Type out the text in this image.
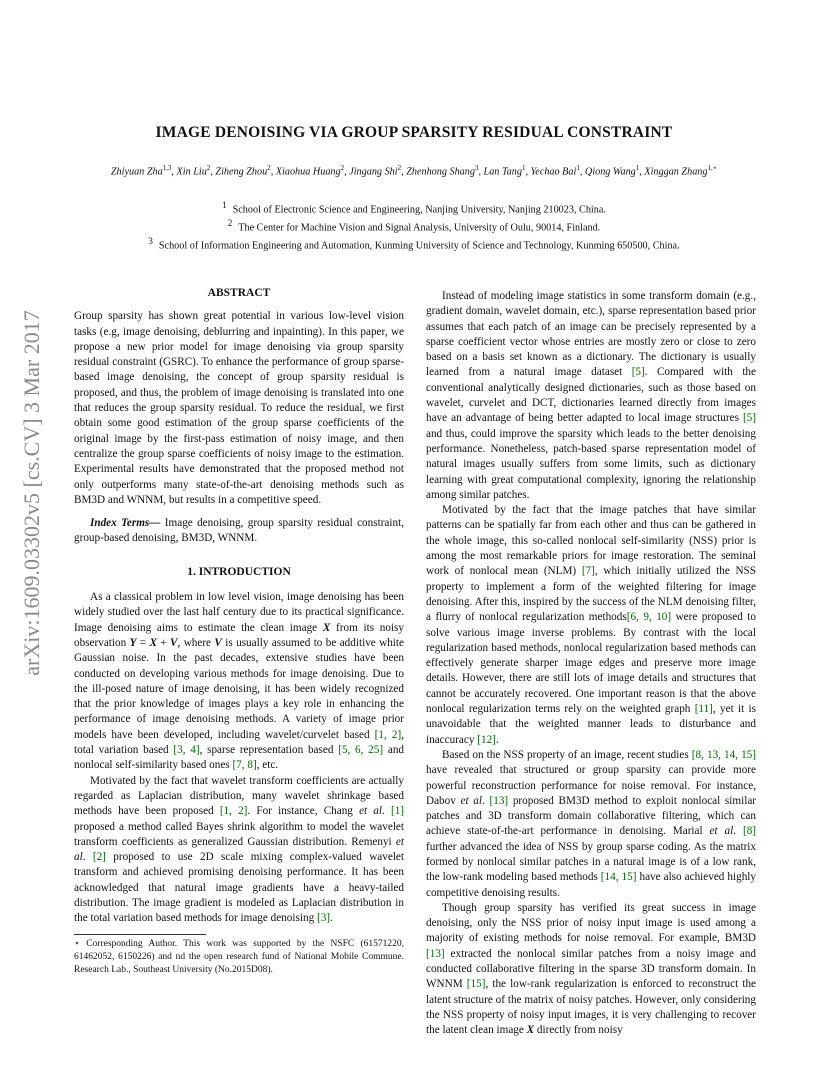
arXiv:1609.03302v5 [cs.CV] 3 Mar 2017
IMAGE DENOISING VIA GROUP SPARSITY RESIDUAL CONSTRAINT
Zhiyuan Zha$^{1,3}$, Xin Liu$^2$, Ziheng Zhou$^2$, Xiaohua Huang$^2$, Jingang Shi$^2$, Zhenhong Shang$^3$, Lan Tang$^1$, Yechao Bai$^1$, Qiong Wang$^1$, Xinggan Zhang$^{1,⋆}$
$^1$ School of Electronic Science and Engineering, Nanjing University, Nanjing 210023, China.
$^2$ The Center for Machine Vision and Signal Analysis, University of Oulu, 90014, Finland.
$^3$ School of Information Engineering and Automation, Kunming University of Science and Technology, Kunming 650500, China.
ABSTRACT

Group sparsity has shown great potential in various low-level vision tasks (e.g, image denoising, deblurring and inpainting). In this paper, we propose a new prior model for image denoising via group sparsity residual constraint (GSRC). To enhance the performance of group sparse-based image denoising, the concept of group sparsity residual is proposed, and thus, the problem of image denoising is translated into one that reduces the group sparsity residual. To reduce the residual, we first obtain some good estimation of the group sparse coefficients of the original image by the first-pass estimation of noisy image, and then centralize the group sparse coefficients of noisy image to the estimation. Experimental results have demonstrated that the proposed method not only outperforms many state-of-the-art denoising methods such as BM3D and WNNM, but results in a competitive speed.

Index Terms— Image denoising, group sparsity residual constraint, group-based denoising, BM3D, WNNM.

1. INTRODUCTION

As a classical problem in low level vision, image denoising has been widely studied over the last half century due to its practical significance. Image denoising aims to estimate the clean image X from its noisy observation Y = X + V, where V is usually assumed to be additive white Gaussian noise. In the past decades, extensive studies have been conducted on developing various methods for image denoising. Due to the ill-posed nature of image denoising, it has been widely recognized that the prior knowledge of images plays a key role in enhancing the performance of image denoising methods. A variety of image prior models have been developed, including wavelet/curvelet based [1, 2], total variation based [3, 4], sparse representation based [5, 6, 25] and nonlocal self-similarity based ones [7, 8], etc.

Motivated by the fact that wavelet transform coefficients are actually regarded as Laplacian distribution, many wavelet shrinkage based methods have been proposed [1, 2]. For instance, Chang et al. [1] proposed a method called Bayes shrink algorithm to model the wavelet transform coefficients as generalized Gaussian distribution. Remenyi et al. [2] proposed to use 2D scale mixing complex-valued wavelet transform and achieved promising denoising performance. It has been acknowledged that natural image gradients have a heavy-tailed distribution. The image gradient is modeled as Laplacian distribution in the total variation based methods for image denoising [3].

⋆ Corresponding Author. This work was supported by the NSFC (61571220, 61462052, 6150226) and nd the open research fund of National Mobile Commune. Research Lab., Southeast University (No.2015D08).

Instead of modeling image statistics in some transform domain (e.g., gradient domain, wavelet domain, etc.), sparse representation based prior assumes that each patch of an image can be precisely represented by a sparse coefficient vector whose entries are mostly zero or close to zero based on a basis set known as a dictionary. The dictionary is usually learned from a natural image dataset [5]. Compared with the conventional analytically designed dictionaries, such as those based on wavelet, curvelet and DCT, dictionaries learned directly from images have an advantage of being better adapted to local image structures [5] and thus, could improve the sparsity which leads to the better denoising performance. Nonetheless, patch-based sparse representation model of natural images usually suffers from some limits, such as dictionary learning with great computational complexity, ignoring the relationship among similar patches.

Motivated by the fact that the image patches that have similar patterns can be spatially far from each other and thus can be gathered in the whole image, this so-called nonlocal self-similarity (NSS) prior is among the most remarkable priors for image restoration. The seminal work of nonlocal mean (NLM) [7], which initially utilized the NSS property to implement a form of the weighted filtering for image denoising. After this, inspired by the success of the NLM denoising filter, a flurry of nonlocal regularization methods[6, 9, 10] were proposed to solve various image inverse problems. By contrast with the local regularization based methods, nonlocal regularization based methods can effectively generate sharper image edges and preserve more image details. However, there are still lots of image details and structures that cannot be accurately recovered. One important reason is that the above nonlocal regularization terms rely on the weighted graph [11], yet it is unavoidable that the weighted manner leads to disturbance and inaccuracy [12].

Based on the NSS property of an image, recent studies [8, 13, 14, 15] have revealed that structured or group sparsity can provide more powerful reconstruction performance for noise removal. For instance, Dabov et al. [13] proposed BM3D method to exploit nonlocal similar patches and 3D transform domain collaborative filtering, which can achieve state-of-the-art performance in denoising. Marial et al. [8] further advanced the idea of NSS by group sparse coding. As the matrix formed by nonlocal similar patches in a natural image is of a low rank, the low-rank modeling based methods [14, 15] have also achieved highly competitive denoising results.

Though group sparsity has verified its great success in image denoising, only the NSS prior of noisy input image is used among a majority of existing methods for noise removal. For example, BM3D [13] extracted the nonlocal similar patches from a noisy image and conducted collaborative filtering in the sparse 3D transform domain. In WNNM [15], the low-rank regularization is enforced to reconstruct the latent structure of the matrix of noisy patches. However, only considering the NSS property of noisy input images, it is very challenging to recover the latent clean image X directly from noisy
